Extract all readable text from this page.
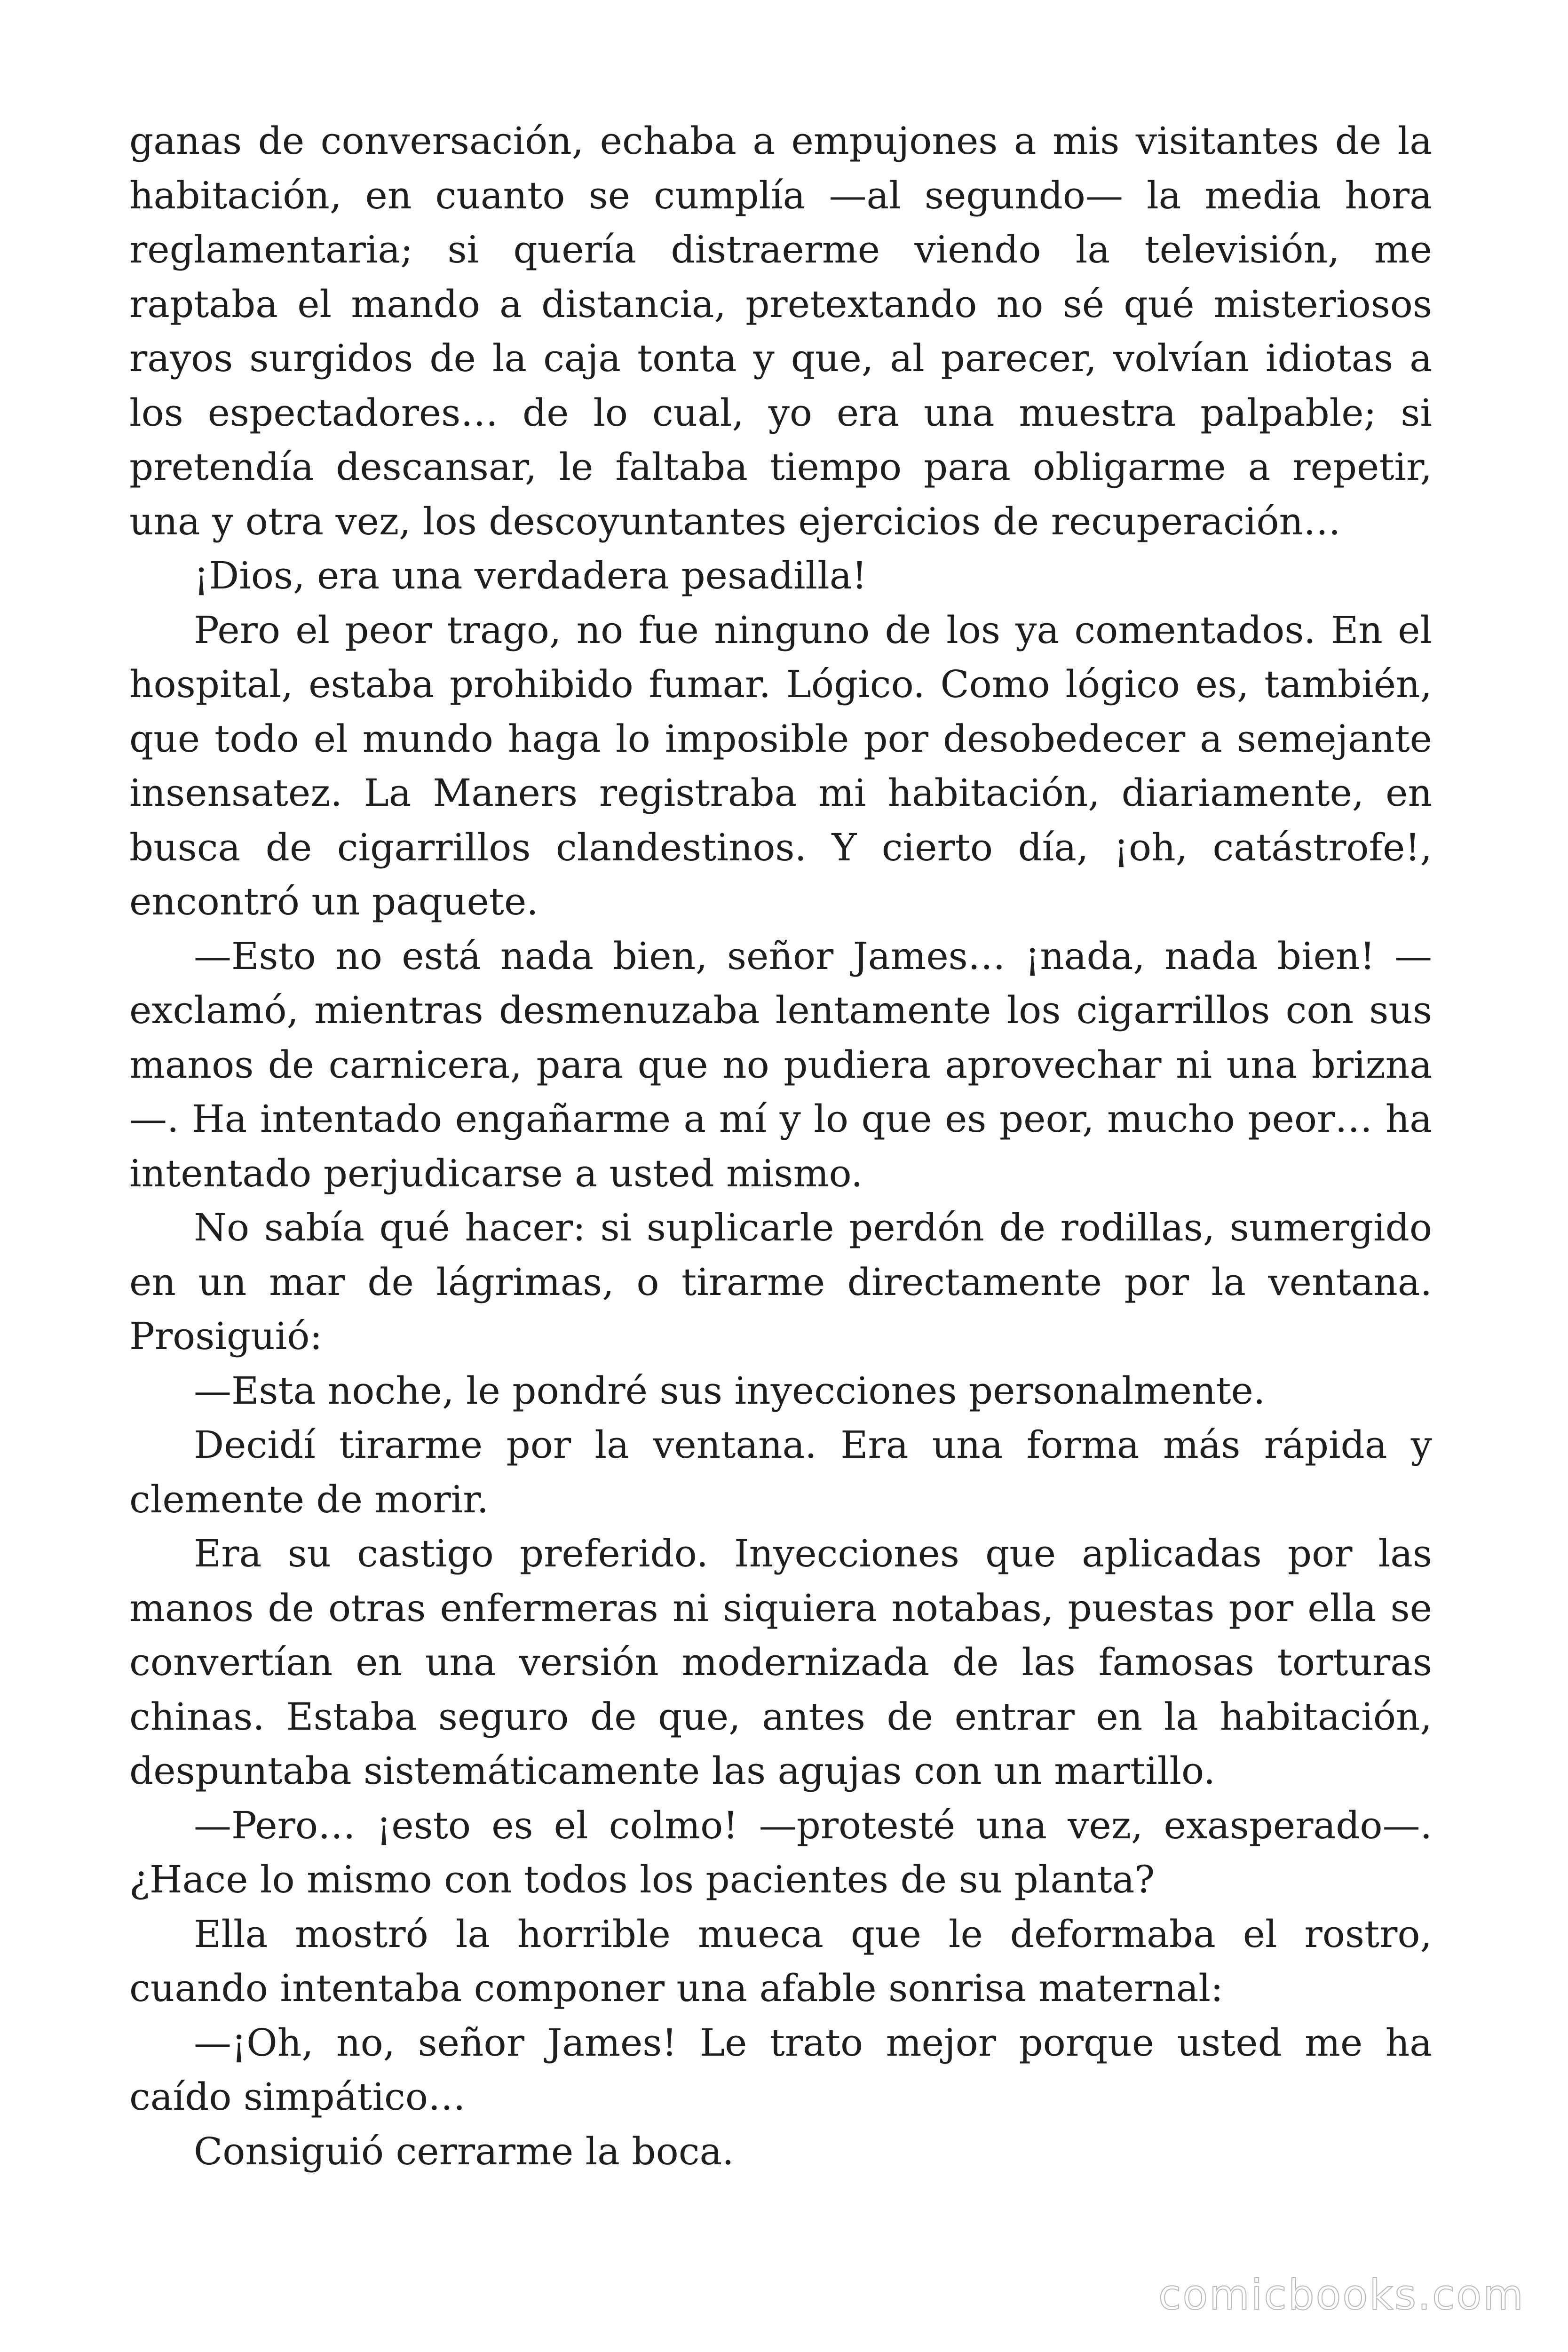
ganas de conversación, echaba a empujones a mis visitantes de la habitación, en cuanto se cumplía —al segundo— la media hora reglamentaria; si quería distraerme viendo la televisión, me raptaba el mando a distancia, pretextando no sé qué misteriosos rayos surgidos de la caja tonta y que, al parecer, volvían idiotas a los espectadores… de lo cual, yo era una muestra palpable; si pretendía descansar, le faltaba tiempo para obligarme a repetir, una y otra vez, los descoyuntantes ejercicios de recuperación…

¡Dios, era una verdadera pesadilla!

Pero el peor trago, no fue ninguno de los ya comentados. En el hospital, estaba prohibido fumar. Lógico. Como lógico es, también, que todo el mundo haga lo imposible por desobedecer a semejante insensatez. La Maners registraba mi habitación, diariamente, en busca de cigarrillos clandestinos. Y cierto día, ¡oh, catástrofe!, encontró un paquete.

—Esto no está nada bien, señor James… ¡nada, nada bien! —exclamó, mientras desmenuzaba lentamente los cigarrillos con sus manos de carnicera, para que no pudiera aprovechar ni una brizna —. Ha intentado engañarme a mí y lo que es peor, mucho peor… ha intentado perjudicarse a usted mismo.

No sabía qué hacer: si suplicarle perdón de rodillas, sumergido en un mar de lágrimas, o tirarme directamente por la ventana. Prosiguió:

—Esta noche, le pondré sus inyecciones personalmente.

Decidí tirarme por la ventana. Era una forma más rápida y clemente de morir.

Era su castigo preferido. Inyecciones que aplicadas por las manos de otras enfermeras ni siquiera notabas, puestas por ella se convertían en una versión modernizada de las famosas torturas chinas. Estaba seguro de que, antes de entrar en la habitación, despuntaba sistemáticamente las agujas con un martillo.

—Pero… ¡esto es el colmo! —protesté una vez, exasperado—. ¿Hace lo mismo con todos los pacientes de su planta?

Ella mostró la horrible mueca que le deformaba el rostro, cuando intentaba componer una afable sonrisa maternal:

—¡Oh, no, señor James! Le trato mejor porque usted me ha caído simpático…

Consiguió cerrarme la boca.

comicbooks.com
